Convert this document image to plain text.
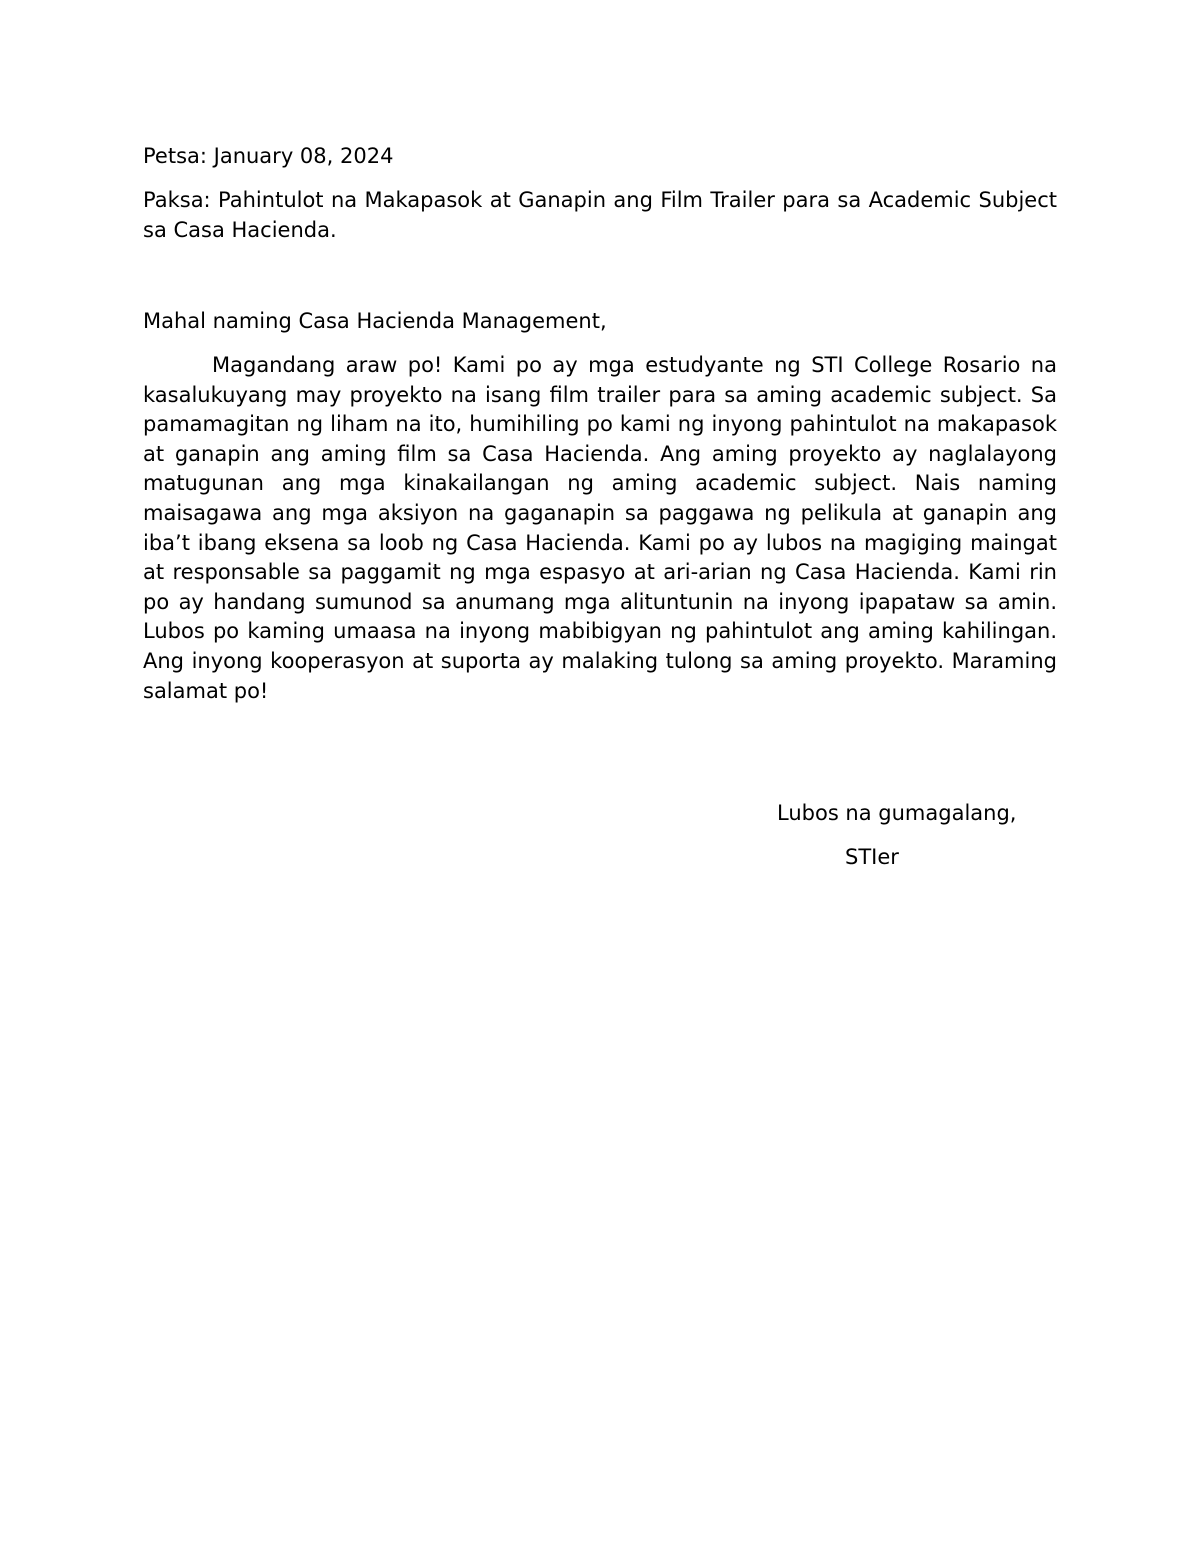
Petsa: January 08, 2024

Paksa: Pahintulot na Makapasok at Ganapin ang Film Trailer para sa Academic Subject sa Casa Hacienda.

Mahal naming Casa Hacienda Management,

Magandang araw po! Kami po ay mga estudyante ng STI College Rosario na kasalukuyang may proyekto na isang film trailer para sa aming academic subject. Sa pamamagitan ng liham na ito, humihiling po kami ng inyong pahintulot na makapasok at ganapin ang aming film sa Casa Hacienda. Ang aming proyekto ay naglalayong matugunan ang mga kinakailangan ng aming academic subject. Nais naming maisagawa ang mga aksiyon na gaganapin sa paggawa ng pelikula at ganapin ang iba’t ibang eksena sa loob ng Casa Hacienda. Kami po ay lubos na magiging maingat at responsable sa paggamit ng mga espasyo at ari-arian ng Casa Hacienda. Kami rin po ay handang sumunod sa anumang mga alituntunin na inyong ipapataw sa amin. Lubos po kaming umaasa na inyong mabibigyan ng pahintulot ang aming kahilingan. Ang inyong kooperasyon at suporta ay malaking tulong sa aming proyekto. Maraming salamat po!

Lubos na gumagalang,

STIer
